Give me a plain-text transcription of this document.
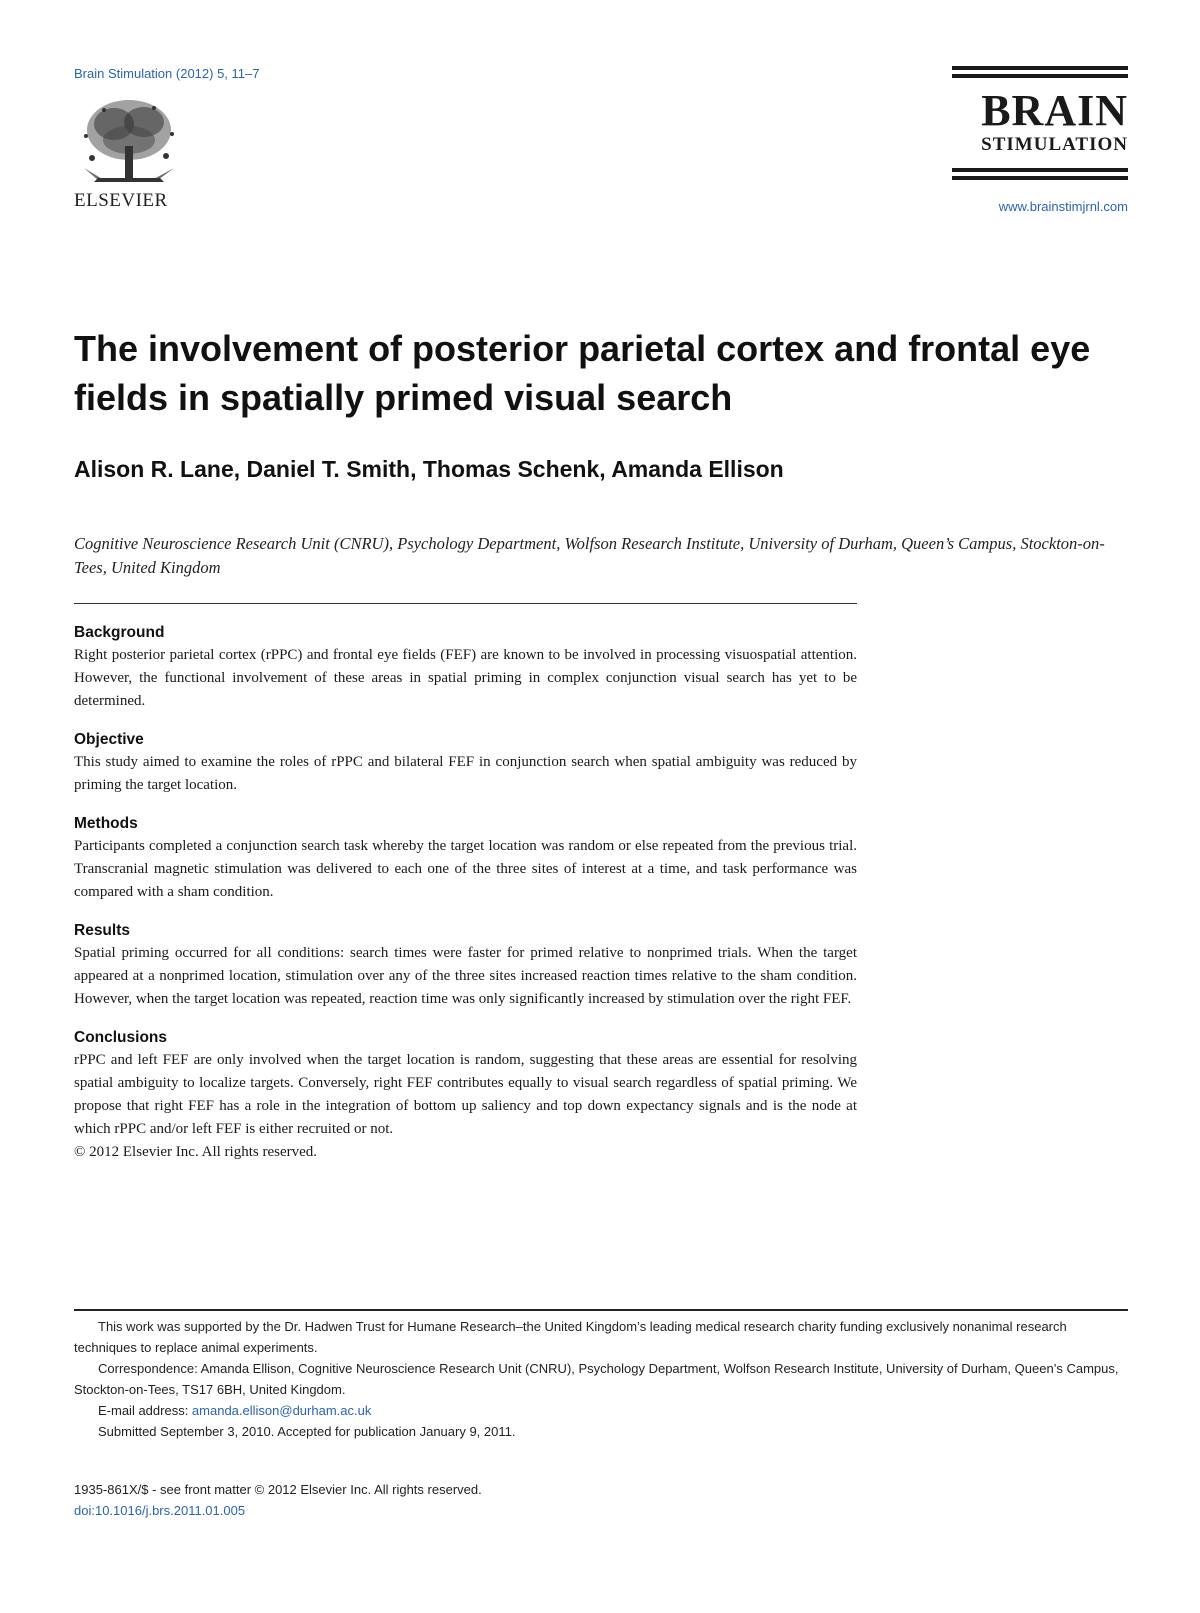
Brain Stimulation (2012) 5, 11–7
ELSEVIER
BRAIN
STIMULATION
www.brainstimjrnl.com
The involvement of posterior parietal cortex and frontal eye fields in spatially primed visual search
Alison R. Lane, Daniel T. Smith, Thomas Schenk, Amanda Ellison
Cognitive Neuroscience Research Unit (CNRU), Psychology Department, Wolfson Research Institute, University of Durham, Queen’s Campus, Stockton-on-Tees, United Kingdom
Background
Right posterior parietal cortex (rPPC) and frontal eye fields (FEF) are known to be involved in processing visuospatial attention. However, the functional involvement of these areas in spatial priming in complex conjunction visual search has yet to be determined.
Objective
This study aimed to examine the roles of rPPC and bilateral FEF in conjunction search when spatial ambiguity was reduced by priming the target location.
Methods
Participants completed a conjunction search task whereby the target location was random or else repeated from the previous trial. Transcranial magnetic stimulation was delivered to each one of the three sites of interest at a time, and task performance was compared with a sham condition.
Results
Spatial priming occurred for all conditions: search times were faster for primed relative to nonprimed trials. When the target appeared at a nonprimed location, stimulation over any of the three sites increased reaction times relative to the sham condition. However, when the target location was repeated, reaction time was only significantly increased by stimulation over the right FEF.
Conclusions
rPPC and left FEF are only involved when the target location is random, suggesting that these areas are essential for resolving spatial ambiguity to localize targets. Conversely, right FEF contributes equally to visual search regardless of spatial priming. We propose that right FEF has a role in the integration of bottom up saliency and top down expectancy signals and is the node at which rPPC and/or left FEF is either recruited or not.
© 2012 Elsevier Inc. All rights reserved.

This work was supported by the Dr. Hadwen Trust for Humane Research–the United Kingdom’s leading medical research charity funding exclusively nonanimal research techniques to replace animal experiments.

Correspondence: Amanda Ellison, Cognitive Neuroscience Research Unit (CNRU), Psychology Department, Wolfson Research Institute, University of Durham, Queen’s Campus, Stockton-on-Tees, TS17 6BH, United Kingdom.

E-mail address: amanda.ellison@durham.ac.uk

Submitted September 3, 2010. Accepted for publication January 9, 2011.

1935-861X/$ - see front matter © 2012 Elsevier Inc. All rights reserved.
doi:10.1016/j.brs.2011.01.005
